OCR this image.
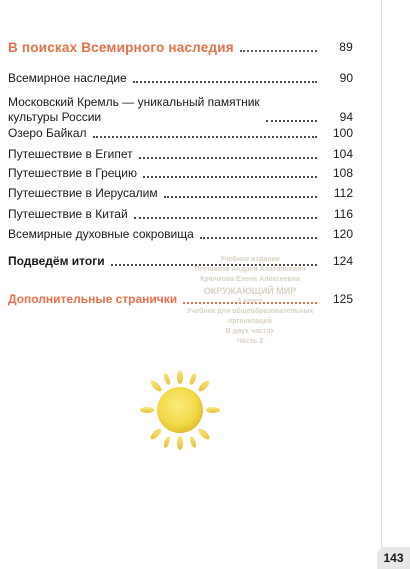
В поисках Всемирного наследия	89
Всемирное наследие	90
Московский Кремль — уникальный памятник
культуры России	94
Озеро Байкал	100
Путешествие в Египет	104
Путешествие в Грецию	108
Путешествие в Иерусалим	112
Путешествие в Китай	116
Всемирные духовные сокровища	120
Подведём итоги	124
Дополнительные странички	125
Учебное издание
Плешаков Андрей Анатольевич
Крючкова Елена Алексеевна
ОКРУЖАЮЩИЙ МИР
3 класс
Учебник для общеобразовательных
организаций
В двух частях
Часть 2
143
